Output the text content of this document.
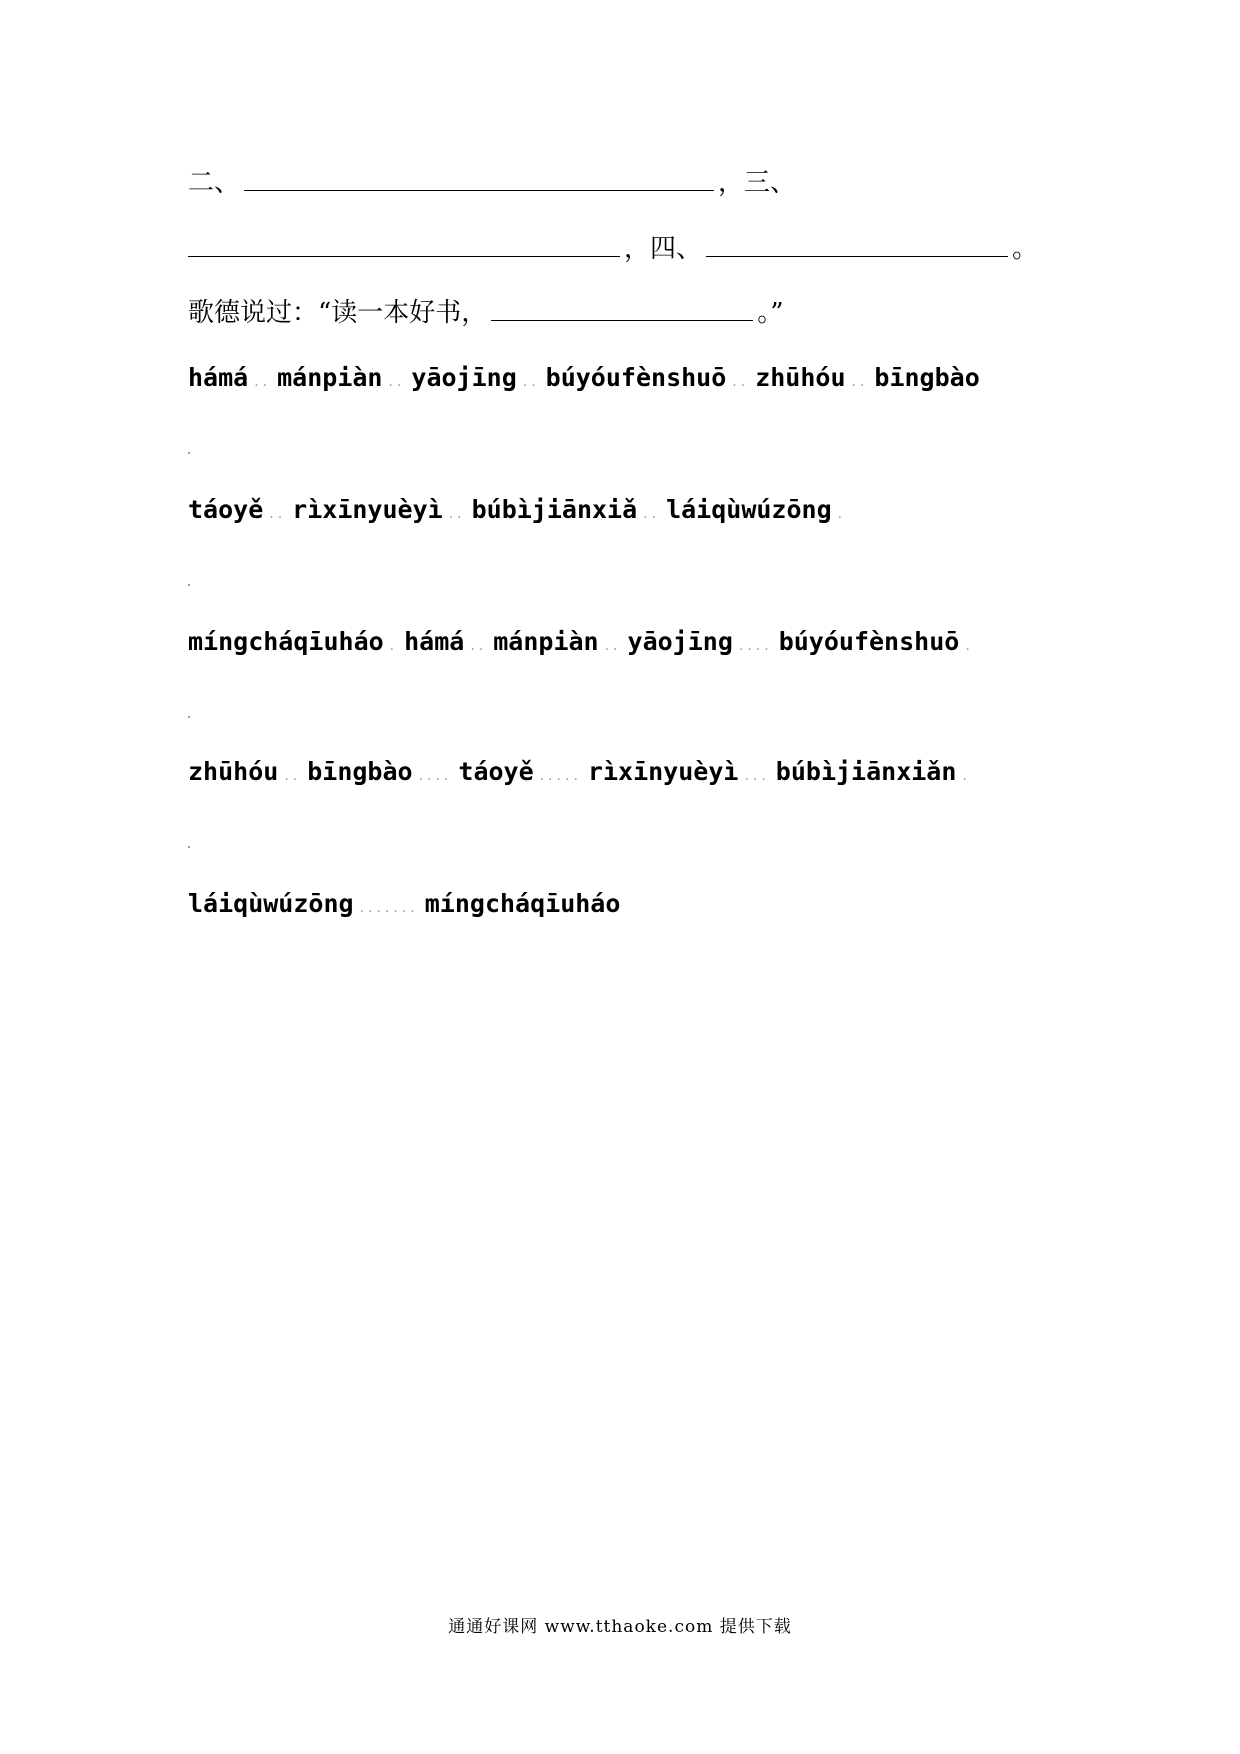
二、	，三、
，四、	。
歌德说过：“读一本好书，	。”
hámá .. mánpiàn .. yāojīng .. búyóufènshuō .. zhūhóu .. bīngbào
táoyě .. rìxīnyuèyì .. búbìjiānxiǎ .. láiqùwúzōng .
míngcháqīuháo . hámá .. mánpiàn .. yāojīng .... búyóufènshuō .
zhūhóu .. bīngbào .... táoyě ..... rìxīnyuèyì ... búbìjiānxiǎn .
láiqùwúzōng ....... míngcháqīuháo
通通好课网 www.tthaoke.com 提供下载
